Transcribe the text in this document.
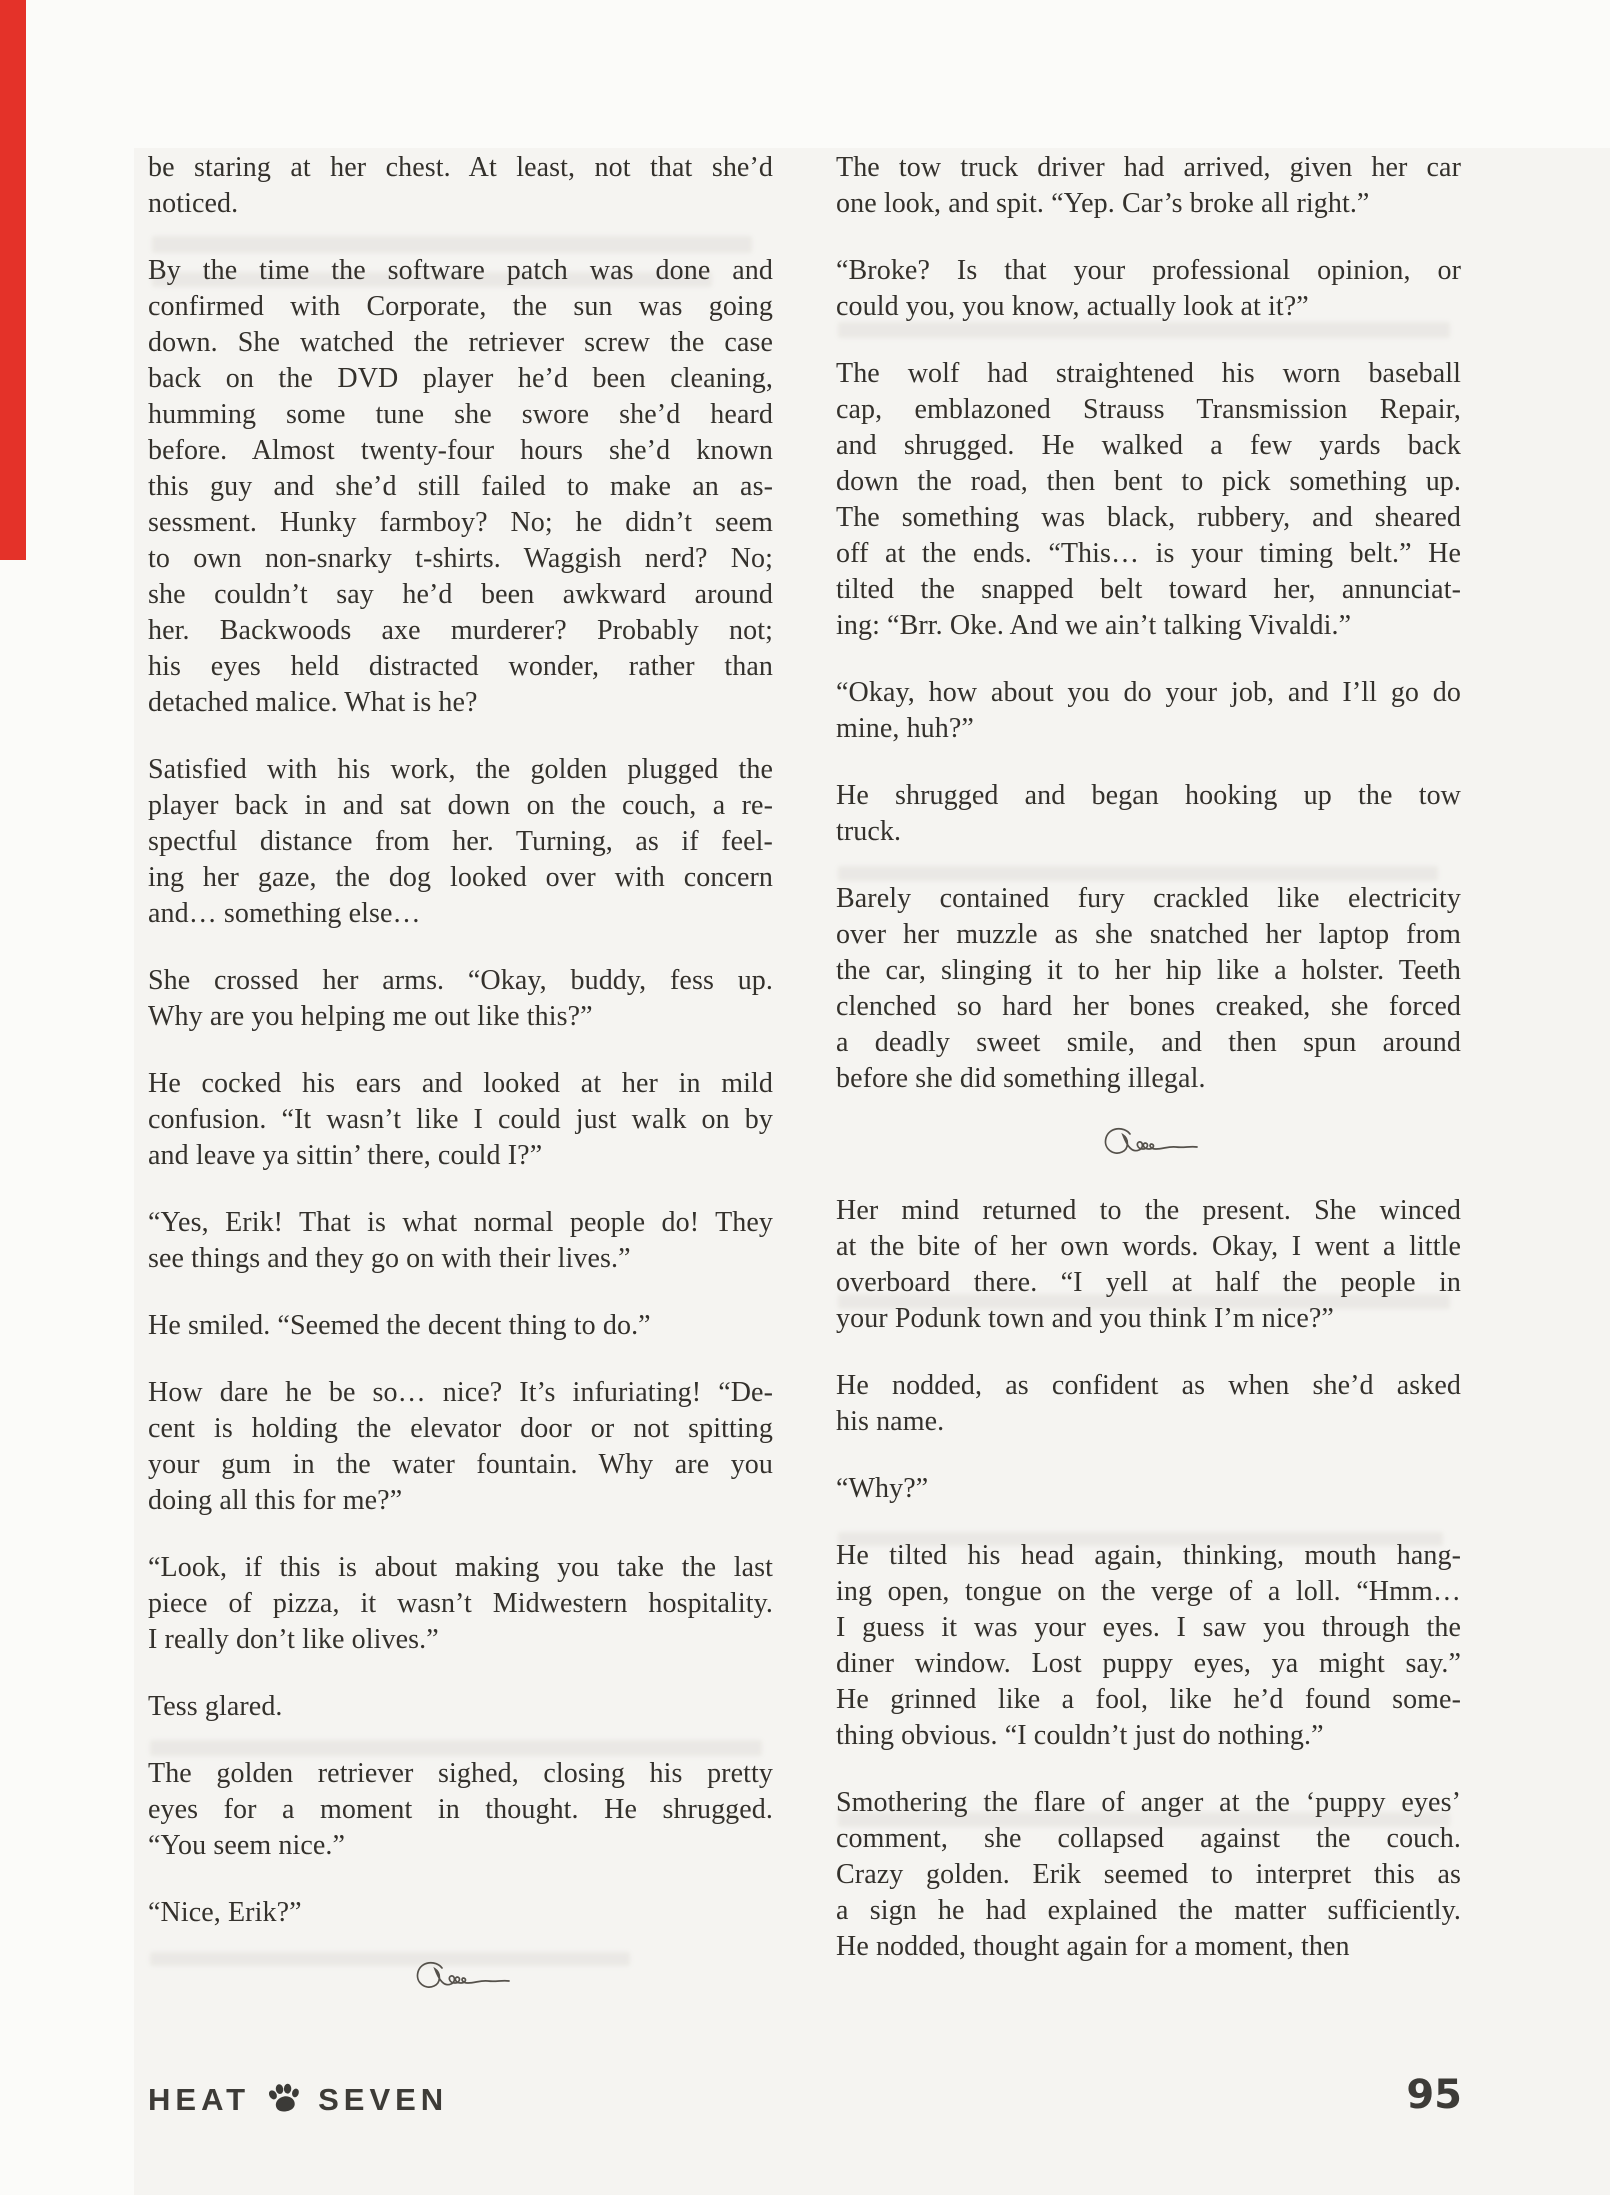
be staring at her chest. At least, not that she’d
noticed.
By the time the software patch was done and
confirmed with Corporate, the sun was going
down. She watched the retriever screw the case
back on the DVD player he’d been cleaning,
humming some tune she swore she’d heard
before. Almost twenty-four hours she’d known
this guy and she’d still failed to make an as-
sessment. Hunky farmboy? No; he didn’t seem
to own non-snarky t-shirts. Waggish nerd? No;
she couldn’t say he’d been awkward around
her. Backwoods axe murderer? Probably not;
his eyes held distracted wonder, rather than
detached malice. What is he?
Satisfied with his work, the golden plugged the
player back in and sat down on the couch, a re-
spectful distance from her. Turning, as if feel-
ing her gaze, the dog looked over with concern
and… something else…
She crossed her arms. “Okay, buddy, fess up.
Why are you helping me out like this?”
He cocked his ears and looked at her in mild
confusion. “It wasn’t like I could just walk on by
and leave ya sittin’ there, could I?”
“Yes, Erik! That is what normal people do! They
see things and they go on with their lives.”
He smiled. “Seemed the decent thing to do.”
How dare he be so… nice? It’s infuriating! “De-
cent is holding the elevator door or not spitting
your gum in the water fountain. Why are you
doing all this for me?”
“Look, if this is about making you take the last
piece of pizza, it wasn’t Midwestern hospitality.
I really don’t like olives.”
Tess glared.
The golden retriever sighed, closing his pretty
eyes for a moment in thought. He shrugged.
“You seem nice.”
“Nice, Erik?”
The tow truck driver had arrived, given her car
one look, and spit. “Yep. Car’s broke all right.”
“Broke? Is that your professional opinion, or
could you, you know, actually look at it?”
The wolf had straightened his worn baseball
cap, emblazoned Strauss Transmission Repair,
and shrugged. He walked a few yards back
down the road, then bent to pick something up.
The something was black, rubbery, and sheared
off at the ends. “This… is your timing belt.” He
tilted the snapped belt toward her, annunciat-
ing: “Brr. Oke. And we ain’t talking Vivaldi.”
“Okay, how about you do your job, and I’ll go do
mine, huh?”
He shrugged and began hooking up the tow
truck.
Barely contained fury crackled like electricity
over her muzzle as she snatched her laptop from
the car, slinging it to her hip like a holster. Teeth
clenched so hard her bones creaked, she forced
a deadly sweet smile, and then spun around
before she did something illegal.
Her mind returned to the present. She winced
at the bite of her own words. Okay, I went a little
overboard there. “I yell at half the people in
your Podunk town and you think I’m nice?”
He nodded, as confident as when she’d asked
his name.
“Why?”
He tilted his head again, thinking, mouth hang-
ing open, tongue on the verge of a loll. “Hmm…
I guess it was your eyes. I saw you through the
diner window. Lost puppy eyes, ya might say.”
He grinned like a fool, like he’d found some-
thing obvious. “I couldn’t just do nothing.”
Smothering the flare of anger at the ‘puppy eyes’
comment, she collapsed against the couch.
Crazy golden. Erik seemed to interpret this as
a sign he had explained the matter sufficiently.
He nodded, thought again for a moment, then
HEAT SEVEN	95
